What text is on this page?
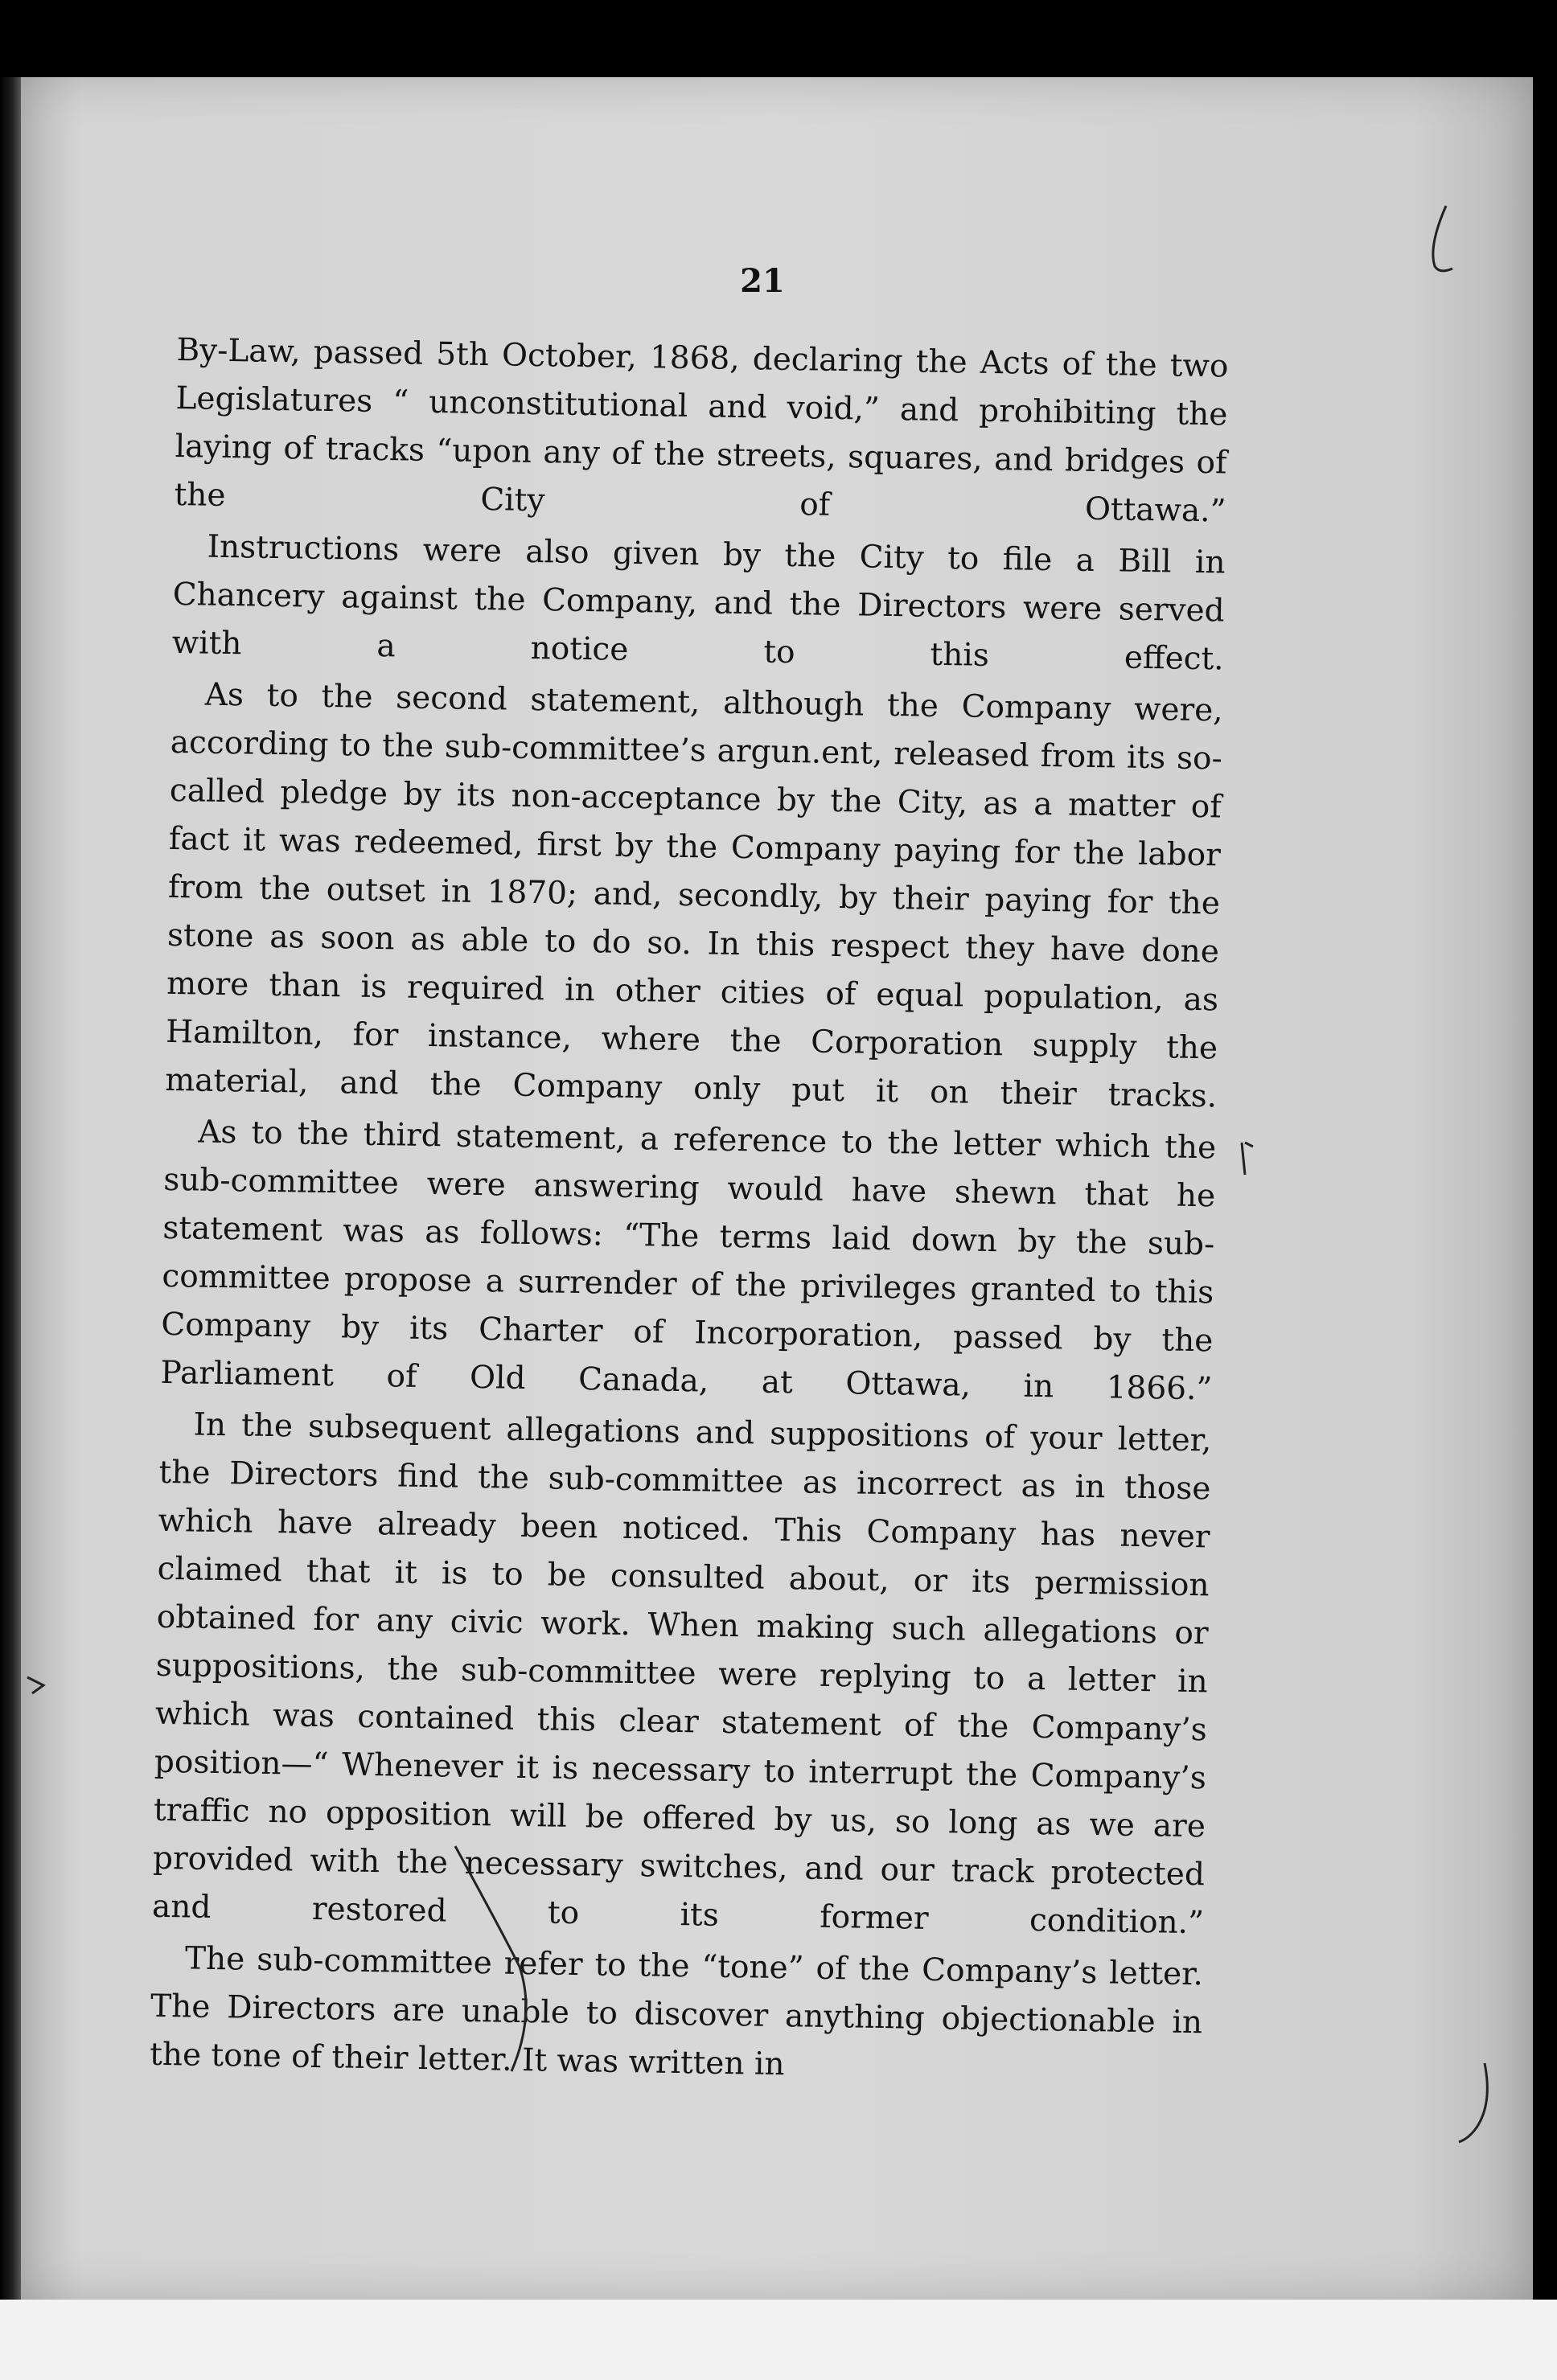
21

By-Law, passed 5th October, 1868, declaring the Acts of the two Legislatures “ unconstitutional and void,” and prohibiting the laying of tracks “upon any of the streets, squares, and bridges of the City of Ottawa.”

Instructions were also given by the City to file a Bill in Chancery against the Company, and the Directors were served with a notice to this effect.

As to the second statement, although the Company were, according to the sub-committee’s argun.ent, released from its so-called pledge by its non-acceptance by the City, as a matter of fact it was redeemed, first by the Company paying for the labor from the outset in 1870; and, secondly, by their paying for the stone as soon as able to do so. In this respect they have done more than is required in other cities of equal population, as Hamilton, for instance, where the Corporation supply the material, and the Company only put it on their tracks.

As to the third statement, a reference to the letter which the sub-committee were answering would have shewn that he statement was as follows: “The terms laid down by the sub-committee propose a surrender of the privileges granted to this Company by its Charter of Incorporation, passed by the Parliament of Old Canada, at Ottawa, in 1866.”

In the subsequent allegations and suppositions of your letter, the Directors find the sub-committee as incorrect as in those which have already been noticed. This Company has never claimed that it is to be consulted about, or its permission obtained for any civic work. When making such allegations or suppositions, the sub-committee were replying to a letter in which was contained this clear statement of the Company’s position—“ Whenever it is necessary to interrupt the Company’s traffic no opposition will be offered by us, so long as we are provided with the necessary switches, and our track protected and restored to its former condition.”

The sub-committee refer to the “tone” of the Company’s letter. The Directors are unable to discover anything objectionable in the tone of their letter. It was written in
